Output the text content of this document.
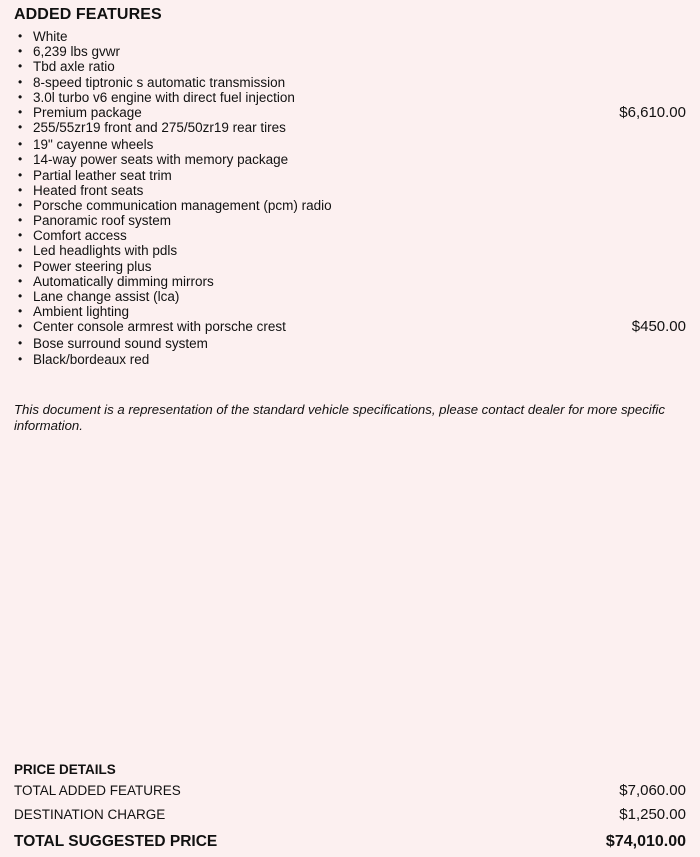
ADDED FEATURES
• White
• 6,239 lbs gvwr
• Tbd axle ratio
• 8-speed tiptronic s automatic transmission
• 3.0l turbo v6 engine with direct fuel injection
• Premium package	$6,610.00
• 255/55zr19 front and 275/50zr19 rear tires
• 19" cayenne wheels
• 14-way power seats with memory package
• Partial leather seat trim
• Heated front seats
• Porsche communication management (pcm) radio
• Panoramic roof system
• Comfort access
• Led headlights with pdls
• Power steering plus
• Automatically dimming mirrors
• Lane change assist (lca)
• Ambient lighting
• Center console armrest with porsche crest	$450.00
• Bose surround sound system
• Black/bordeaux red

This document is a representation of the standard vehicle specifications, please contact dealer for more specific information.

PRICE DETAILS
TOTAL ADDED FEATURES	$7,060.00
DESTINATION CHARGE	$1,250.00
TOTAL SUGGESTED PRICE	$74,010.00
